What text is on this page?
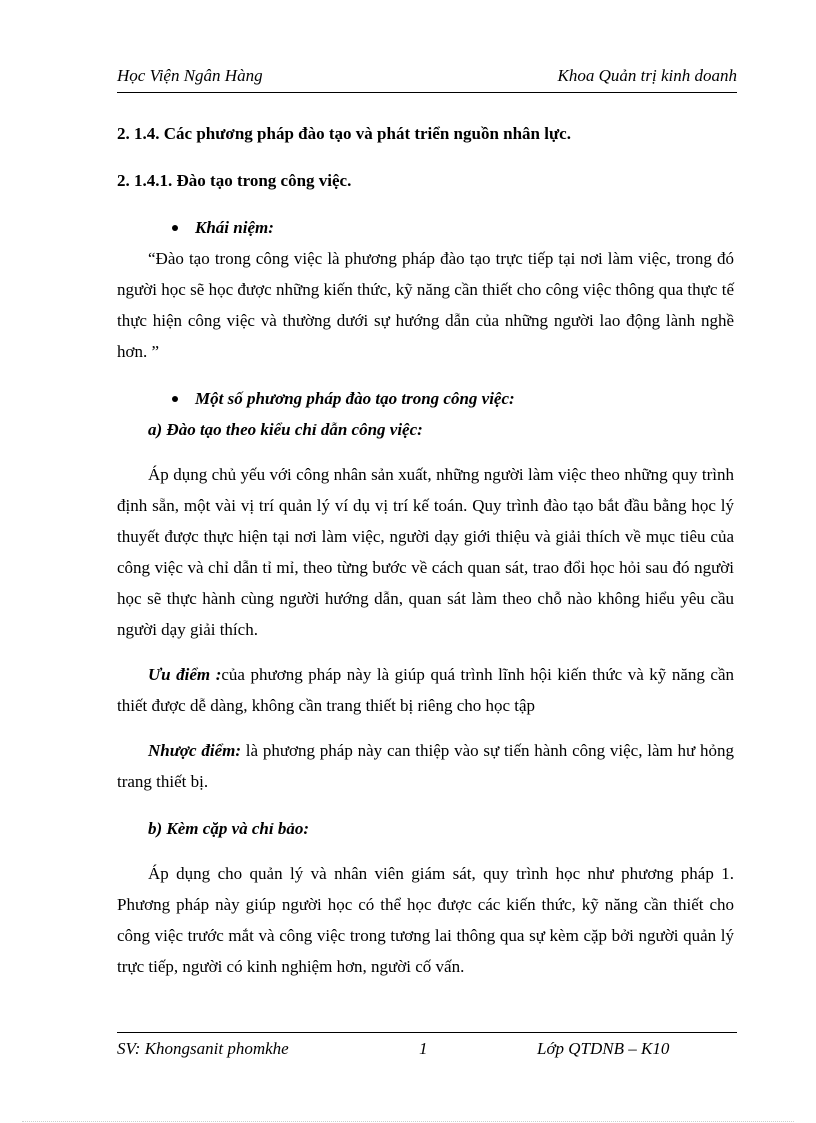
Học Viện Ngân Hàng	Khoa Quản trị kinh doanh

2. 1.4. Các phương pháp đào tạo và phát triển nguồn nhân lực.

2. 1.4.1. Đào tạo trong công việc.

Khái niệm:

“Đào tạo trong công việc là phương pháp đào tạo trực tiếp tại nơi làm việc, trong đó người học sẽ học được những kiến thức, kỹ năng cần thiết cho công việc thông qua thực tế thực hiện công việc và thường dưới sự hướng dẫn của những người lao động lành nghề hơn. ”

Một số phương pháp đào tạo trong công việc:

a) Đào tạo theo kiểu chỉ dẫn công việc:

Áp dụng chủ yếu với công nhân sản xuất, những người làm việc theo những quy trình định sẵn, một vài vị trí quản lý ví dụ vị trí kế toán. Quy trình đào tạo bắt đầu bằng học lý thuyết được thực hiện tại nơi làm việc, người dạy giới thiệu và giải thích về mục tiêu của công việc và chỉ dẫn tỉ mỉ, theo từng bước về cách quan sát, trao đổi học hỏi sau đó người học sẽ thực hành cùng người hướng dẫn, quan sát làm theo chỗ nào không hiểu yêu cầu người dạy giải thích.

Ưu điểm :của phương pháp này là giúp quá trình lĩnh hội kiến thức và kỹ năng cần thiết được dễ dàng, không cần trang thiết bị riêng cho học tập

Nhược điểm: là phương pháp này can thiệp vào sự tiến hành công việc, làm hư hỏng trang thiết bị.

b) Kèm cặp và chỉ bảo:

Áp dụng cho quản lý và nhân viên giám sát, quy trình học như phương pháp 1. Phương pháp này giúp người học có thể học được các kiến thức, kỹ năng cần thiết cho công việc trước mắt và công việc trong tương lai thông qua sự kèm cặp bởi người quản lý trực tiếp, người có kinh nghiệm hơn, người cố vấn.

SV: Khongsanit phomkhe	1	Lớp QTDNB – K10
